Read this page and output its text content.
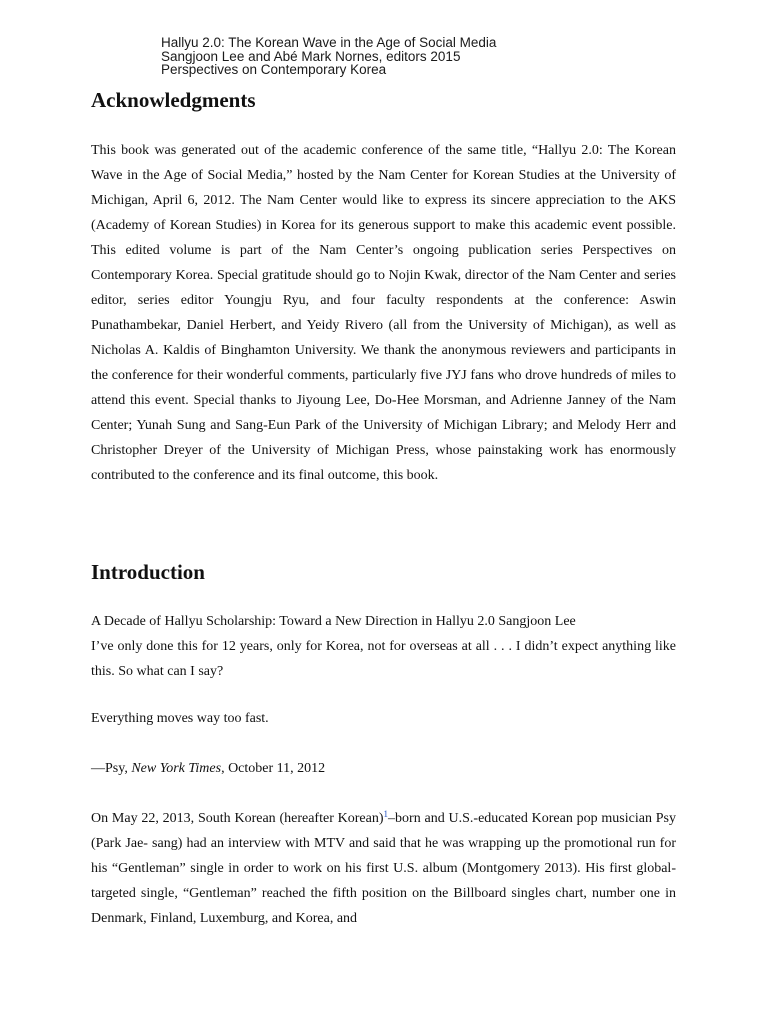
Hallyu 2.0: The Korean Wave in the Age of Social Media
Sangjoon Lee and Abé Mark Nornes, editors 2015
Perspectives on Contemporary Korea
Acknowledgments

This book was generated out of the academic conference of the same title, “Hallyu 2.0: The Korean Wave in the Age of Social Media,” hosted by the Nam Center for Korean Studies at the University of Michigan, April 6, 2012. The Nam Center would like to express its sincere appreciation to the AKS (Academy of Korean Studies) in Korea for its generous support to make this academic event possible. This edited volume is part of the Nam Center’s ongoing publication series Perspectives on Contemporary Korea. Special gratitude should go to Nojin Kwak, director of the Nam Center and series editor, series editor Youngju Ryu, and four faculty respondents at the conference: Aswin Punathambekar, Daniel Herbert, and Yeidy Rivero (all from the University of Michigan), as well as Nicholas A. Kaldis of Binghamton University. We thank the anonymous reviewers and participants in the conference for their wonderful comments, particularly five JYJ fans who drove hundreds of miles to attend this event. Special thanks to Jiyoung Lee, Do-Hee Morsman, and Adrienne Janney of the Nam Center; Yunah Sung and Sang-Eun Park of the University of Michigan Library; and Melody Herr and Christopher Dreyer of the University of Michigan Press, whose painstaking work has enormously contributed to the conference and its final outcome, this book.

Introduction

A Decade of Hallyu Scholarship: Toward a New Direction in Hallyu 2.0 Sangjoon Lee

I’ve only done this for 12 years, only for Korea, not for overseas at all . . . I didn’t expect anything like this. So what can I say?

Everything moves way too fast.

—Psy, New York Times, October 11, 2012

On May 22, 2013, South Korean (hereafter Korean)$^1$–born and U.S.-educated Korean pop musician Psy (Park Jae- sang) had an interview with MTV and said that he was wrapping up the promotional run for his “Gentleman” single in order to work on his first U.S. album (Montgomery 2013). His first global-targeted single, “Gentleman” reached the fifth position on the Billboard singles chart, number one in Denmark, Finland, Luxemburg, and Korea, and
